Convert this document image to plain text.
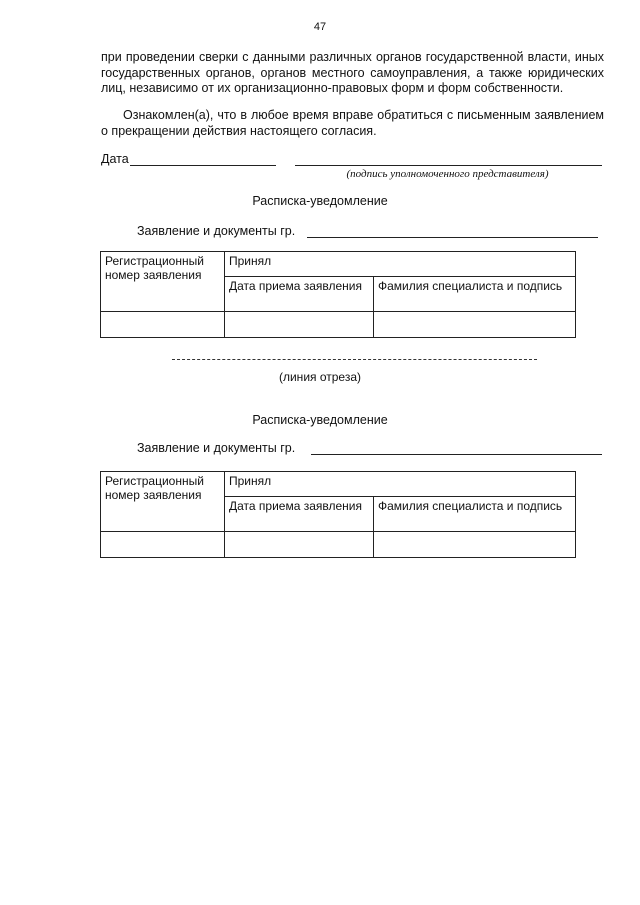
47

при проведении сверки с данными различных органов государственной власти, иных государственных органов, органов местного самоуправления, а также юридических лиц, независимо от их организационно-правовых форм и форм собственности.

Ознакомлен(а), что в любое время вправе обратиться с письменным заявлением о прекращении действия настоящего согласия.

Дата
(подпись уполномоченного представителя)
Расписка-уведомление
Заявление и документы гр.
Регистрационный номер заявления	Принял	
	Дата приема заявления	Фамилия специалиста и подпись

(линия отреза)
Расписка-уведомление
Заявление и документы гр.
Регистрационный номер заявления	Принял	
	Дата приема заявления	Фамилия специалиста и подпись
